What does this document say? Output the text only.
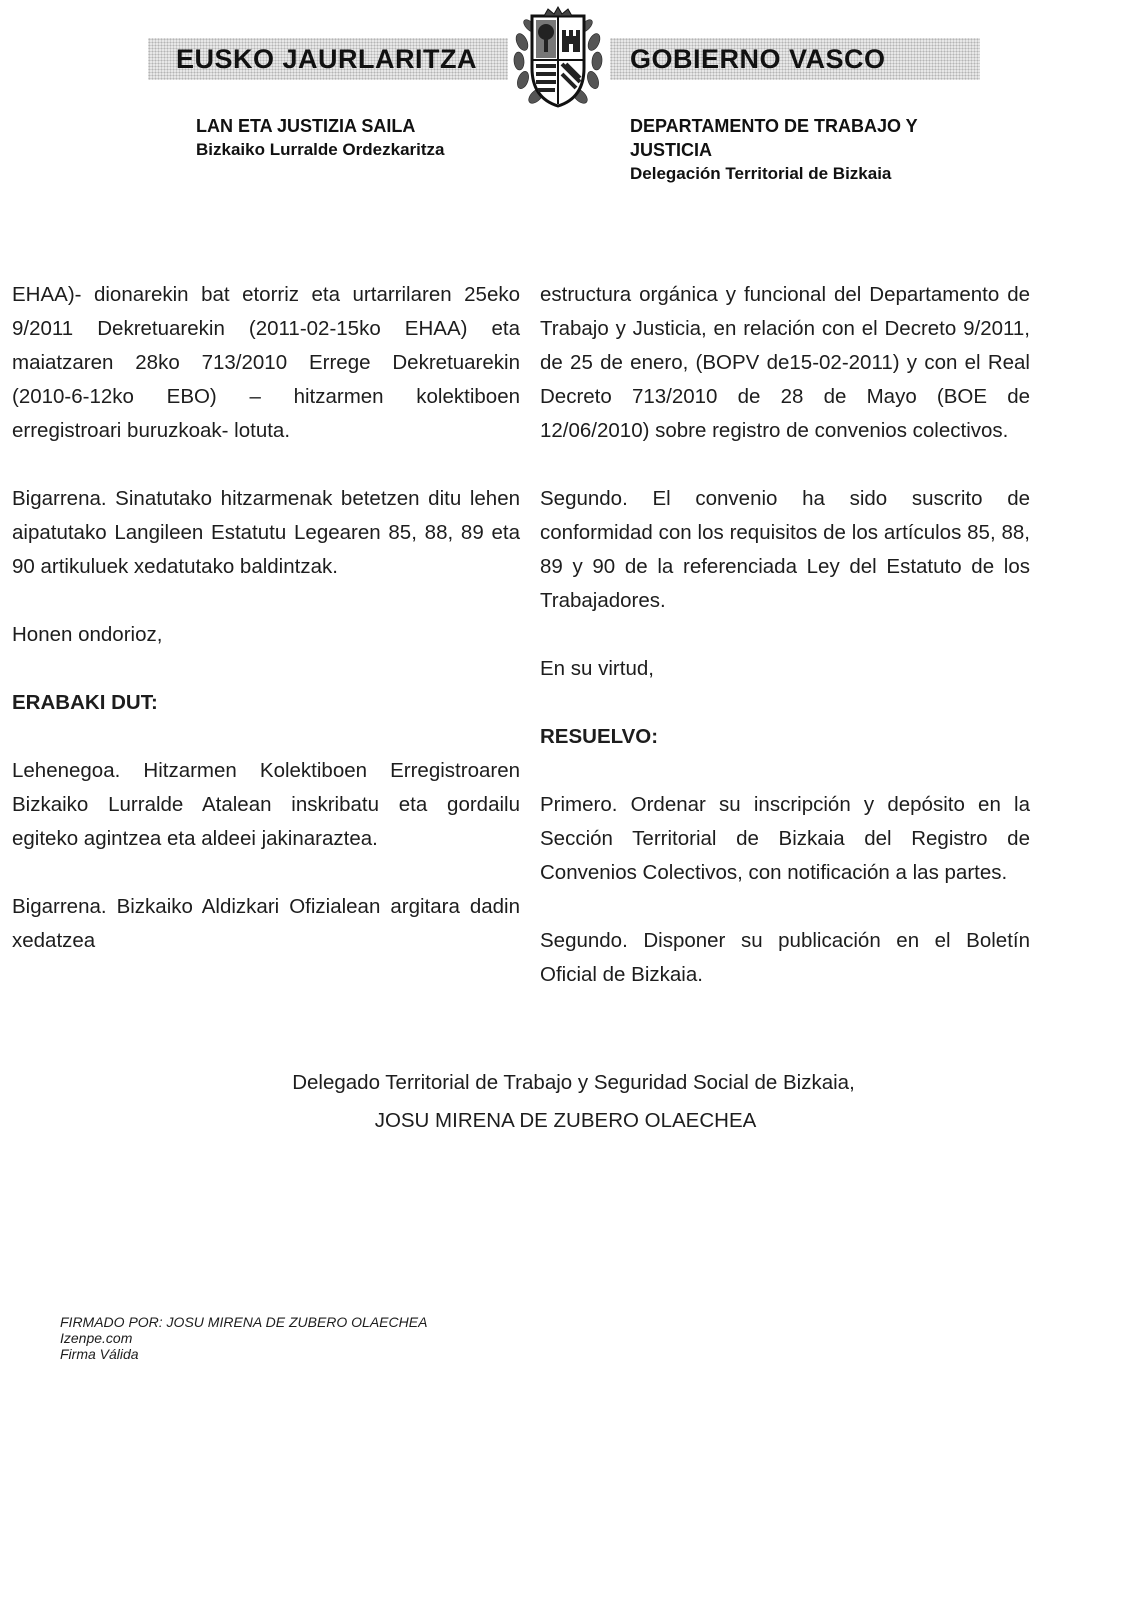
EUSKO JAURLARITZA	GOBIERNO VASCO
LAN ETA JUSTIZIA SAILA
Bizkaiko Lurralde Ordezkaritza
DEPARTAMENTO DE TRABAJO Y
JUSTICIA
Delegación Territorial de Bizkaia

EHAA)- dionarekin bat etorriz eta urtarrilaren 25eko 9/2011 Dekretuarekin (2011-02-15ko EHAA) eta maiatzaren 28ko 713/2010 Errege Dekretuarekin (2010-6-12ko EBO) – hitzarmen kolektiboen erregistroari buruzkoak- lotuta.

Bigarrena. Sinatutako hitzarmenak betetzen ditu lehen aipatutako Langileen Estatutu Legearen 85, 88, 89 eta 90 artikuluek xedatutako baldintzak.

Honen ondorioz,

ERABAKI DUT:

Lehenegoa. Hitzarmen Kolektiboen Erregistroaren Bizkaiko Lurralde Atalean inskribatu eta gordailu egiteko agintzea eta aldeei jakinaraztea.

Bigarrena. Bizkaiko Aldizkari Ofizialean argitara dadin xedatzea

estructura orgánica y funcional del Departamento de Trabajo y Justicia, en relación con el Decreto 9/2011, de 25 de enero, (BOPV de15-02-2011) y con el Real Decreto 713/2010 de 28 de Mayo (BOE de 12/06/2010) sobre registro de convenios colectivos.

Segundo. El convenio ha sido suscrito de conformidad con los requisitos de los artículos 85, 88, 89 y 90 de la referenciada Ley del Estatuto de los Trabajadores.

En su virtud,

RESUELVO:

Primero. Ordenar su inscripción y depósito en la Sección Territorial de Bizkaia del Registro de Convenios Colectivos, con notificación a las partes.

Segundo. Disponer su publicación en el Boletín Oficial de Bizkaia.

Delegado Territorial de Trabajo y Seguridad Social de Bizkaia,
JOSU MIRENA DE ZUBERO OLAECHEA
FIRMADO POR: JOSU MIRENA DE ZUBERO OLAECHEA
Izenpe.com
Firma Válida
